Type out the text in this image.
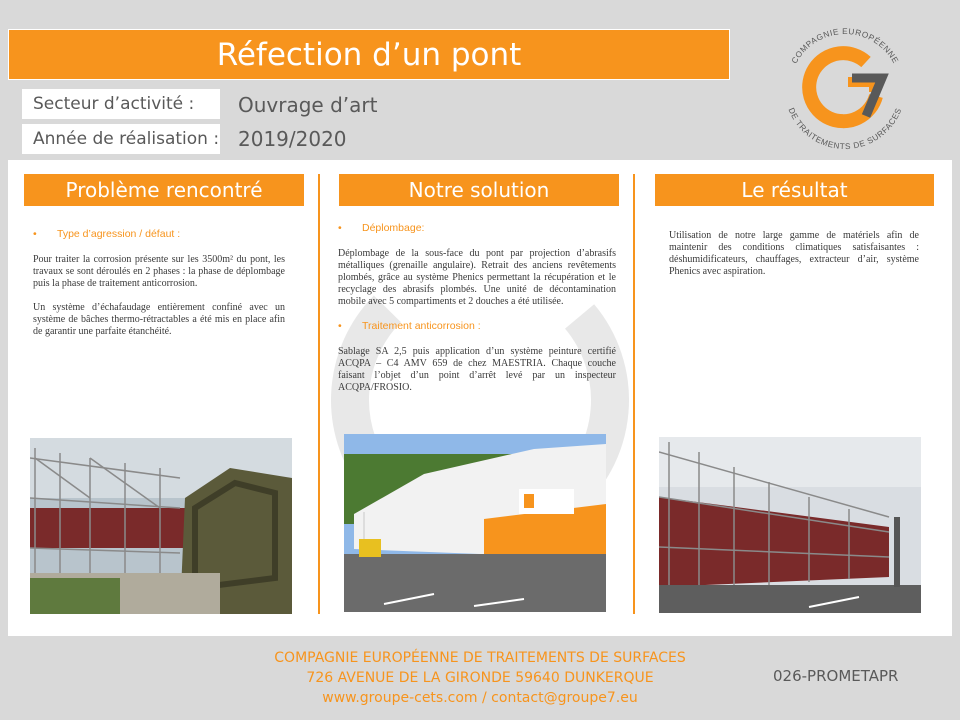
Réfection d’un pont
Secteur d’activité :	Ouvrage d’art
Année de réalisation : 2019/2020
COMPAGNIE EUROPÉENNE
DE TRAITEMENTS DE SURFACES
Problème rencontré	Notre solution	Le résultat

• Type d’agression / défaut :

Pour traiter la corrosion présente sur les 3500m² du pont, les travaux se sont déroulés en 2 phases : la phase de déplombage puis la phase de traitement anticorrosion.

Un système d’échafaudage entièrement confiné avec un système de bâches thermo-rétractables a été mis en place afin de garantir une parfaite étanchéité.

• Déplombage:

Déplombage de la sous-face du pont par projection d’abrasifs métalliques (grenaille angulaire). Retrait des anciens revêtements plombés, grâce au système Phenics permettant la récupération et le recyclage des abrasifs plombés. Une unité de décontamination mobile avec 5 compartiments et 2 douches a été utilisée.

• Traitement anticorrosion :

Sablage SA 2,5 puis application d’un système peinture certifié ACQPA – C4 AMV 659 de chez MAESTRIA. Chaque couche faisant l’objet d’un point d’arrêt levé par un inspecteur ACQPA/FROSIO.

Utilisation de notre large gamme de matériels afin de maintenir des conditions climatiques satisfaisantes : déshumidificateurs, chauffages, extracteur d’air, système Phenics avec aspiration.

COMPAGNIE EUROPÉENNE DE TRAITEMENTS DE SURFACES
726 AVENUE DE LA GIRONDE 59640 DUNKERQUE
www.groupe-cets.com / contact@groupe7.eu
026-PROMETAPR
